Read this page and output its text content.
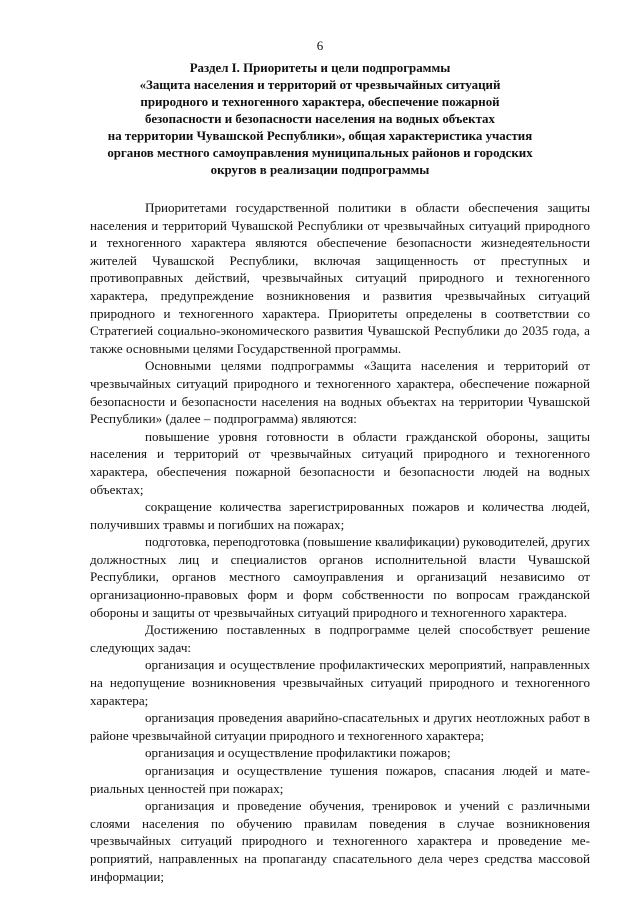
6
Раздел I. Приоритеты и цели подпрограммы
«Защита населения и территорий от чрезвычайных ситуаций
природного и техногенного характера, обеспечение пожарной
безопасности и безопасности населения на водных объектах
на территории Чувашской Республики», общая характеристика участия
органов местного самоуправления муниципальных районов и городских
округов в реализации подпрограммы

Приоритетами государственной политики в области обеспечения защиты населения и территорий Чувашской Республики от чрезвычайных ситуаций природного и техногенного характера являются обеспечение безопасности жизнедеятельности жителей Чувашской Республики, включая защищенность от преступных и противоправных действий, чрезвычайных ситуаций природного и техногенного характера, предупреждение возникновения и развития чрезвычайных ситуаций природного и техногенного характера. Приоритеты определены в соответствии со Стратегией социально-экономического развития Чувашской Республики до 2035 года, а также основными целями Государственной программы.

Основными целями подпрограммы «Защита населения и территорий от чрезвычайных ситуаций природного и техногенного характера, обеспечение пожарной безопасности и безопасности населения на водных объектах на территории Чувашской Республики» (далее – подпрограмма) являются:

повышение уровня готовности в области гражданской обороны, защиты населения и территорий от чрезвычайных ситуаций природного и техногенного характера, обеспечения пожарной безопасности и безопасности людей на водных объектах;

сокращение количества зарегистрированных пожаров и количества людей, получивших травмы и погибших на пожарах;

подготовка, переподготовка (повышение квалификации) руководителей, других должностных лиц и специалистов органов исполнительной власти Чувашской Республики, органов местного самоуправления и организаций независимо от организационно-правовых форм и форм собственности по вопросам гражданской обороны и защиты от чрезвычайных ситуаций природного и техногенного характера.

Достижению поставленных в подпрограмме целей способствует решение следующих задач:

организация и осуществление профилактических мероприятий, направленных на недопущение возникновения чрезвычайных ситуаций природного и техногенного характера;

организация проведения аварийно-спасательных и других неотложных работ в районе чрезвычайной ситуации природного и техногенного характера;

организация и осуществление профилактики пожаров;

организация и осуществление тушения пожаров, спасания людей и материальных ценностей при пожарах;

организация и проведение обучения, тренировок и учений с различными слоями населения по обучению правилам поведения в случае возникновения чрезвычайных ситуаций природного и техногенного характера и проведение мероприятий, направленных на пропаганду спасательного дела через средства массовой информации;
